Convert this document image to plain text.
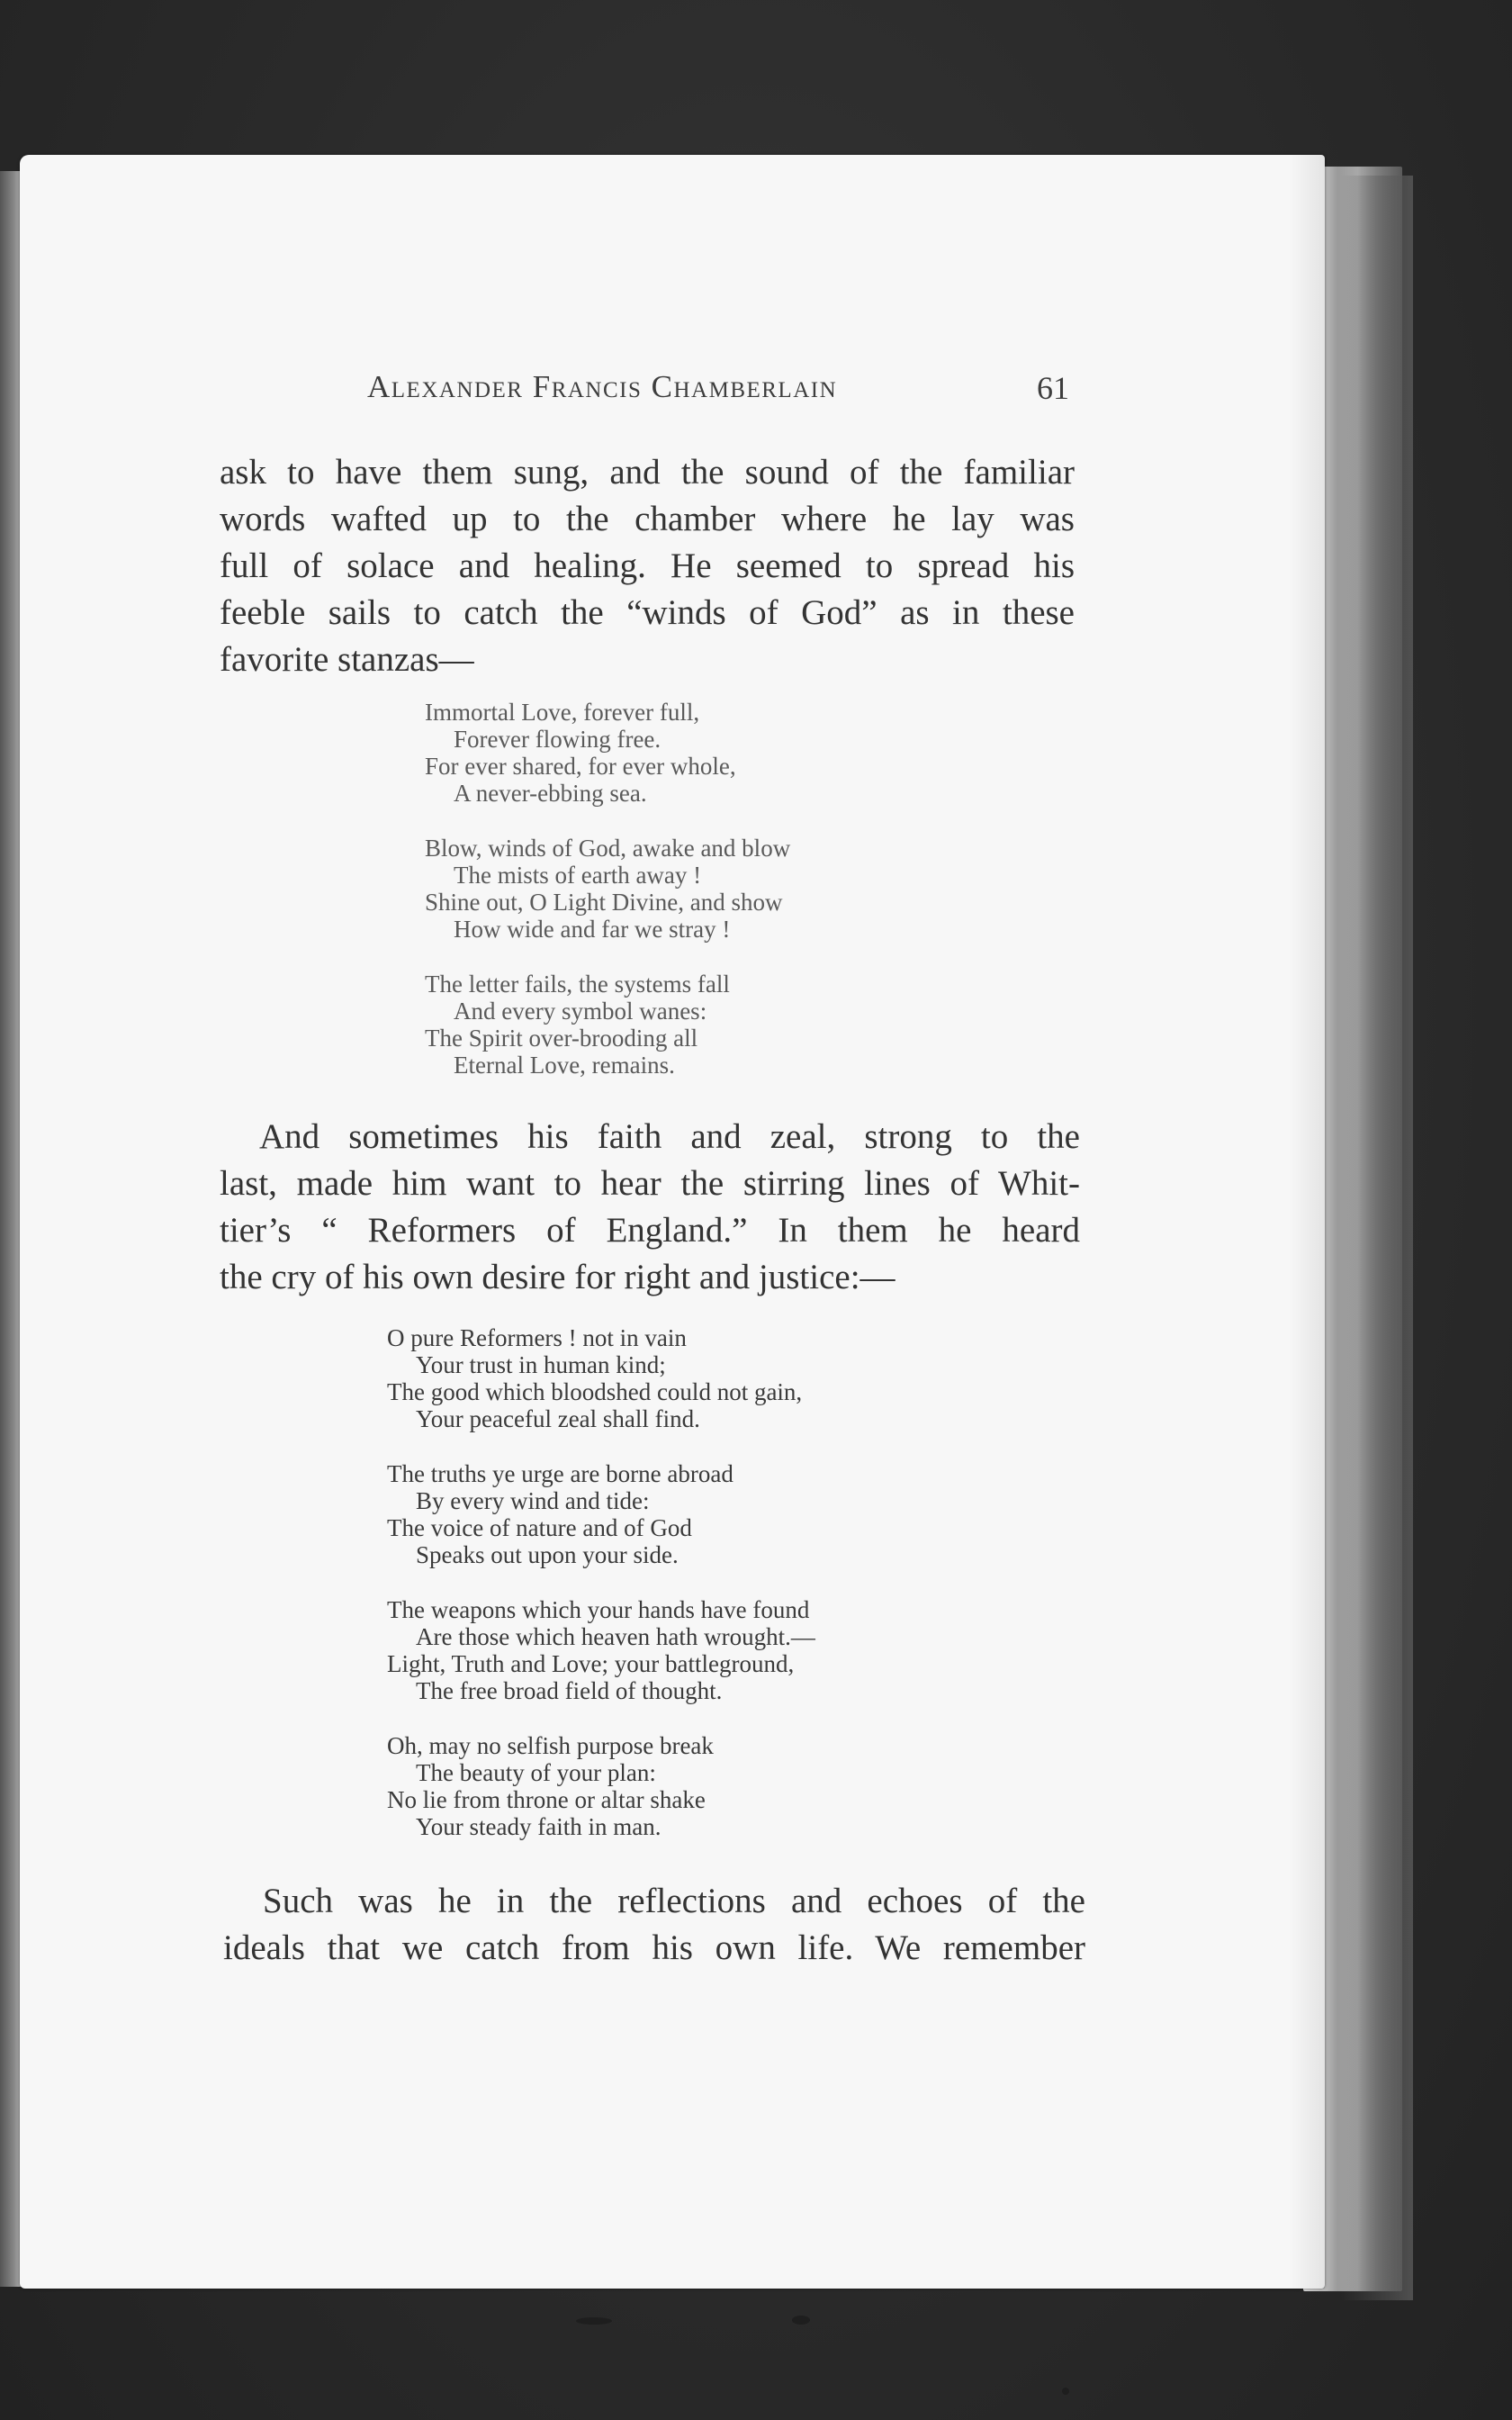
Alexander Francis Chamberlain	61
ask to have them sung, and the sound of the familiar
words wafted up to the chamber where he lay was
full of solace and healing. He seemed to spread his
feeble sails to catch the “winds of God” as in these
favorite stanzas—
Immortal Love, forever full,
Forever flowing free.
For ever shared, for ever whole,
A never-ebbing sea.
Blow, winds of God, awake and blow
The mists of earth away !
Shine out, O Light Divine, and show
How wide and far we stray !
The letter fails, the systems fall
And every symbol wanes:
The Spirit over-brooding all
Eternal Love, remains.
And sometimes his faith and zeal, strong to the
last, made him want to hear the stirring lines of Whit-
tier’s “ Reformers of England.” In them he heard
the cry of his own desire for right and justice:—
O pure Reformers ! not in vain
Your trust in human kind;
The good which bloodshed could not gain,
Your peaceful zeal shall find.
The truths ye urge are borne abroad
By every wind and tide:
The voice of nature and of God
Speaks out upon your side.
The weapons which your hands have found
Are those which heaven hath wrought.—
Light, Truth and Love; your battleground,
The free broad field of thought.
Oh, may no selfish purpose break
The beauty of your plan:
No lie from throne or altar shake
Your steady faith in man.
Such was he in the reflections and echoes of the
ideals that we catch from his own life. We remember
